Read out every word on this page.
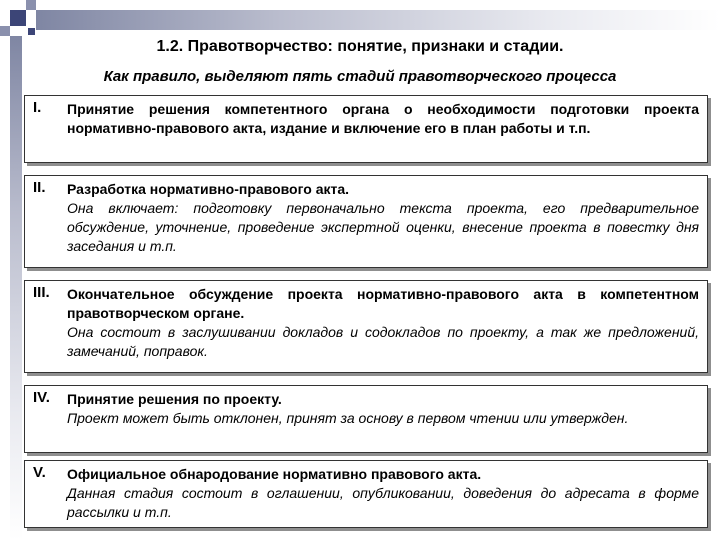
1.2. Правотворчество: понятие, признаки и стадии.
Как правило, выделяют пять стадий правотворческого процесса
I. Принятие решения компетентного органа о необходимости подготовки проекта нормативно-правового акта, издание и включение его в план работы и т.п.
II. Разработка нормативно-правового акта.
Она включает: подготовку первоначально текста проекта, его предварительное обсуждение, уточнение, проведение экспертной оценки, внесение проекта в повестку дня заседания и т.п.
III. Окончательное обсуждение проекта нормативно-правового акта в компетентном правотворческом органе.
Она состоит в заслушивании докладов и содокладов по проекту, а так же предложений, замечаний, поправок.
IV. Принятие решения по проекту.
Проект может быть отклонен, принят за основу в первом чтении или утвержден.
V. Официальное обнародование нормативно правового акта.
Данная стадия состоит в оглашении, опубликовании, доведения до адресата в форме рассылки и т.п.
